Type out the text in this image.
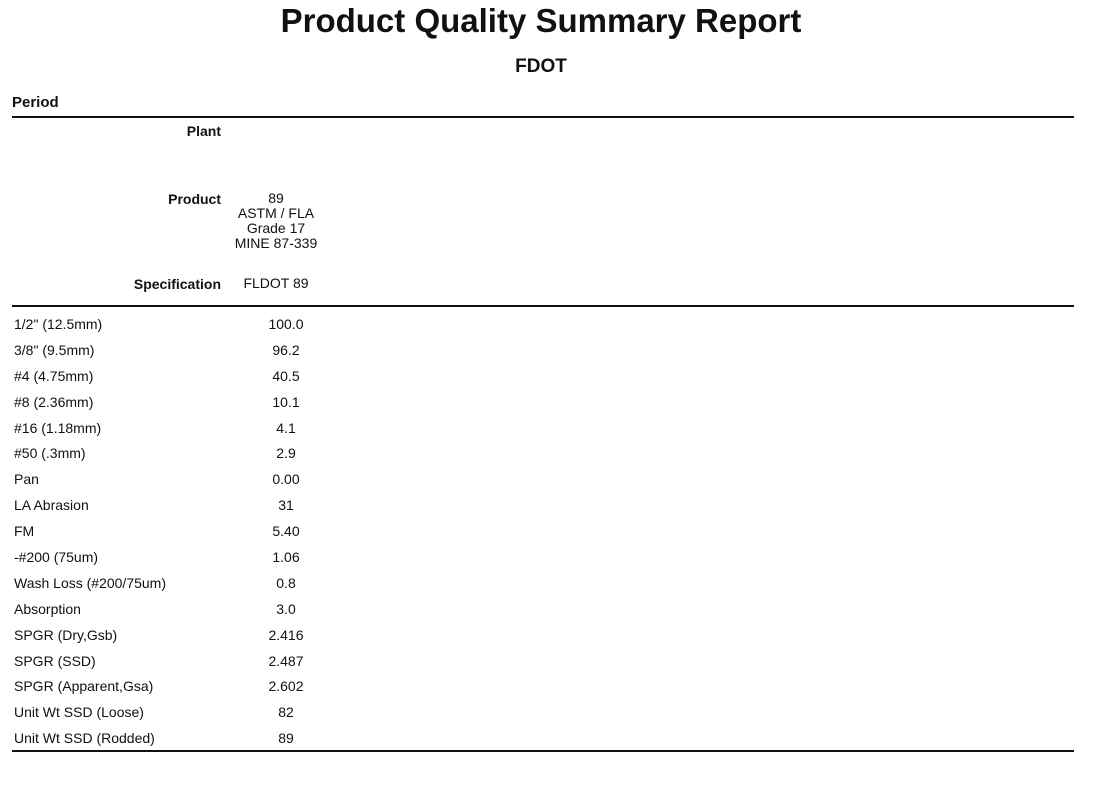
Product Quality Summary Report
FDOT
Period
Plant
Product	89
ASTM / FLA
Grade 17
MINE 87-339
Specification	FLDOT 89
1/2" (12.5mm)	100.0
3/8" (9.5mm)	96.2
#4 (4.75mm)	40.5
#8 (2.36mm)	10.1
#16 (1.18mm)	4.1
#50 (.3mm)	2.9
Pan	0.00
LA Abrasion	31
FM	5.40
-#200 (75um)	1.06
Wash Loss (#200/75um)	0.8
Absorption	3.0
SPGR (Dry,Gsb)	2.416
SPGR (SSD)	2.487
SPGR (Apparent,Gsa)	2.602
Unit Wt SSD (Loose)	82
Unit Wt SSD (Rodded)	89
